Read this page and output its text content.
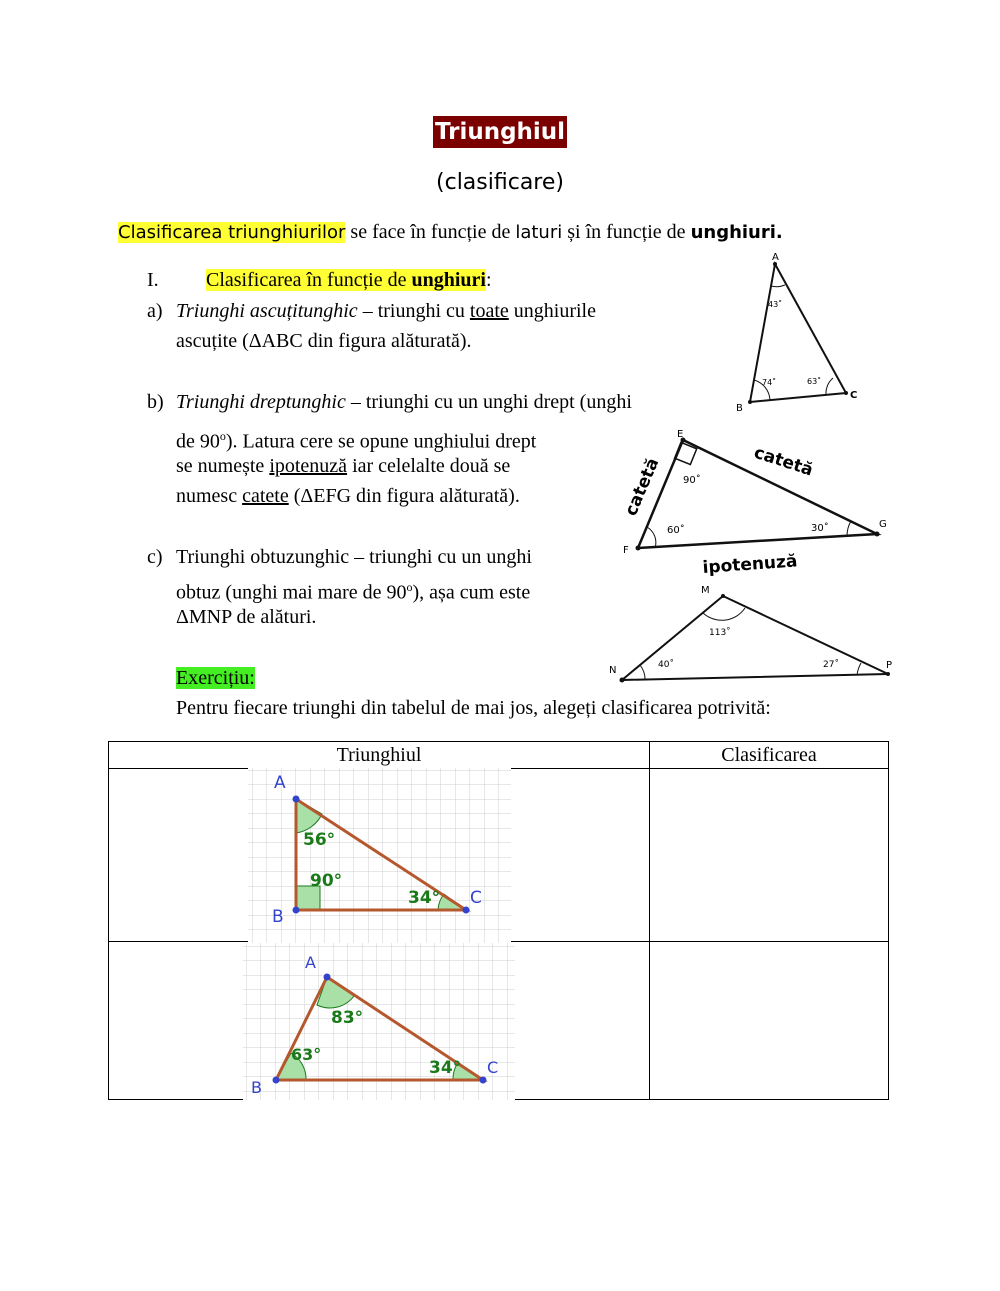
Triunghiul
(clasificare)
Clasificarea triunghiurilor se face în funcție de laturi și în funcție de unghiuri.
I. Clasificarea în funcție de unghiuri:
a) Triunghi ascuțitunghic – triunghi cu toate unghiurile
ascuțite (ΔABC din figura alăturată).
b) Triunghi dreptunghic – triunghi cu un unghi drept (unghi
de 90$^o$). Latura cere se opune unghiului drept
se numește ipotenuză iar celelalte două se
numesc catete (ΔEFG din figura alăturată).
c) Triunghi obtuzunghic – triunghi cu un unghi
obtuz (unghi mai mare de 90$^o$), așa cum este
ΔMNP de alături.
Exercițiu:
Pentru fiecare triunghi din tabelul de mai jos, alegeți clasificarea potrivită:
A
B
C
43˚
74˚	63˚
E
F
G
90˚
60˚	30˚
catetă	catetă
ipotenuză
M
N	P
113˚
40˚	27˚
Triunghiul	Clasificarea

A
B
C
56°
90°
34°
A
B
C
83°
63°
34°
